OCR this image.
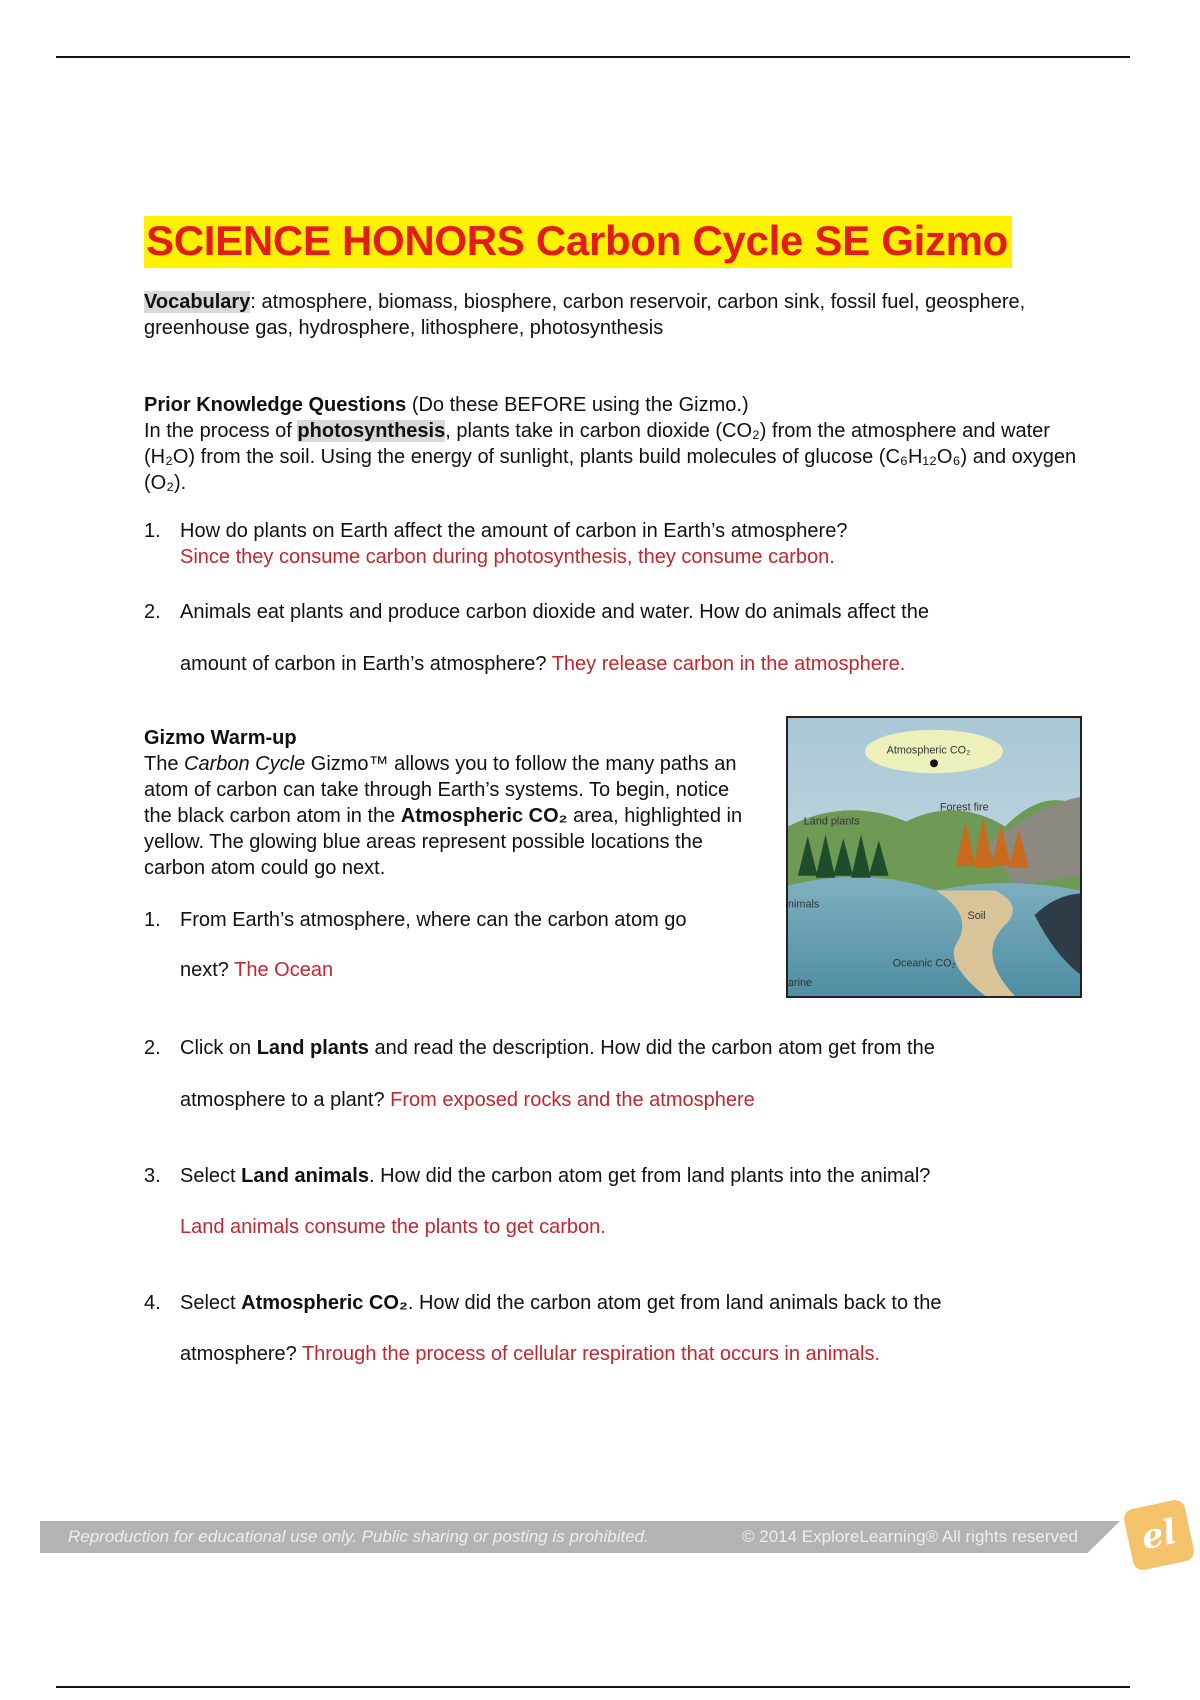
SCIENCE HONORS Carbon Cycle SE Gizmo
Vocabulary: atmosphere, biomass, biosphere, carbon reservoir, carbon sink, fossil fuel, geosphere, greenhouse gas, hydrosphere, lithosphere, photosynthesis
Prior Knowledge Questions (Do these BEFORE using the Gizmo.)
In the process of photosynthesis, plants take in carbon dioxide (CO₂) from the atmosphere and water (H₂O) from the soil. Using the energy of sunlight, plants build molecules of glucose (C₆H₁₂O₆) and oxygen (O₂).
1. How do plants on Earth affect the amount of carbon in Earth’s atmosphere?
Since they consume carbon during photosynthesis, they consume carbon.
2. Animals eat plants and produce carbon dioxide and water. How do animals affect the
amount of carbon in Earth’s atmosphere? They release carbon in the atmosphere.
Gizmo Warm-up
The Carbon Cycle Gizmo™ allows you to follow the many paths an atom of carbon can take through Earth’s systems. To begin, notice the black carbon atom in the Atmospheric CO₂ area, highlighted in yellow. The glowing blue areas represent possible locations the carbon atom could go next.
Atmospheric CO₂
Land plants
Forest fire
nimals
Soil
Oceanic CO₂
arine
1. From Earth’s atmosphere, where can the carbon atom go
next? The Ocean
2. Click on Land plants and read the description. How did the carbon atom get from the
atmosphere to a plant? From exposed rocks and the atmosphere
3. Select Land animals. How did the carbon atom get from land plants into the animal?
Land animals consume the plants to get carbon.
4. Select Atmospheric CO₂. How did the carbon atom get from land animals back to the
atmosphere? Through the process of cellular respiration that occurs in animals.
Reproduction for educational use only. Public sharing or posting is prohibited.	© 2014 ExploreLearning® All rights reserved	el
